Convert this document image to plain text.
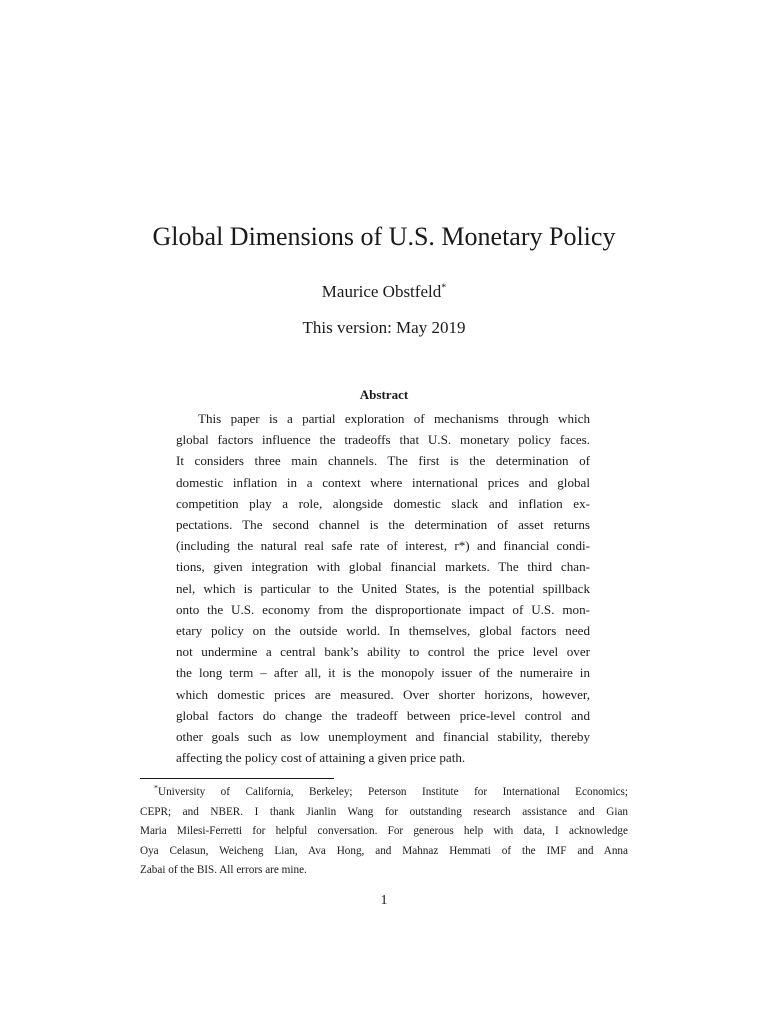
Global Dimensions of U.S. Monetary Policy
Maurice Obstfeld*
This version: May 2019
Abstract
This paper is a partial exploration of mechanisms through which
global factors influence the tradeoffs that U.S. monetary policy faces.
It considers three main channels. The first is the determination of
domestic inflation in a context where international prices and global
competition play a role, alongside domestic slack and inflation ex-
pectations. The second channel is the determination of asset returns
(including the natural real safe rate of interest, r*) and financial condi-
tions, given integration with global financial markets. The third chan-
nel, which is particular to the United States, is the potential spillback
onto the U.S. economy from the disproportionate impact of U.S. mon-
etary policy on the outside world. In themselves, global factors need
not undermine a central bank’s ability to control the price level over
the long term – after all, it is the monopoly issuer of the numeraire in
which domestic prices are measured. Over shorter horizons, however,
global factors do change the tradeoff between price-level control and
other goals such as low unemployment and financial stability, thereby
affecting the policy cost of attaining a given price path.
*University of California, Berkeley; Peterson Institute for International Economics;
CEPR; and NBER. I thank Jianlin Wang for outstanding research assistance and Gian
Maria Milesi-Ferretti for helpful conversation. For generous help with data, I acknowledge
Oya Celasun, Weicheng Lian, Ava Hong, and Mahnaz Hemmati of the IMF and Anna
Zabai of the BIS. All errors are mine.
1
